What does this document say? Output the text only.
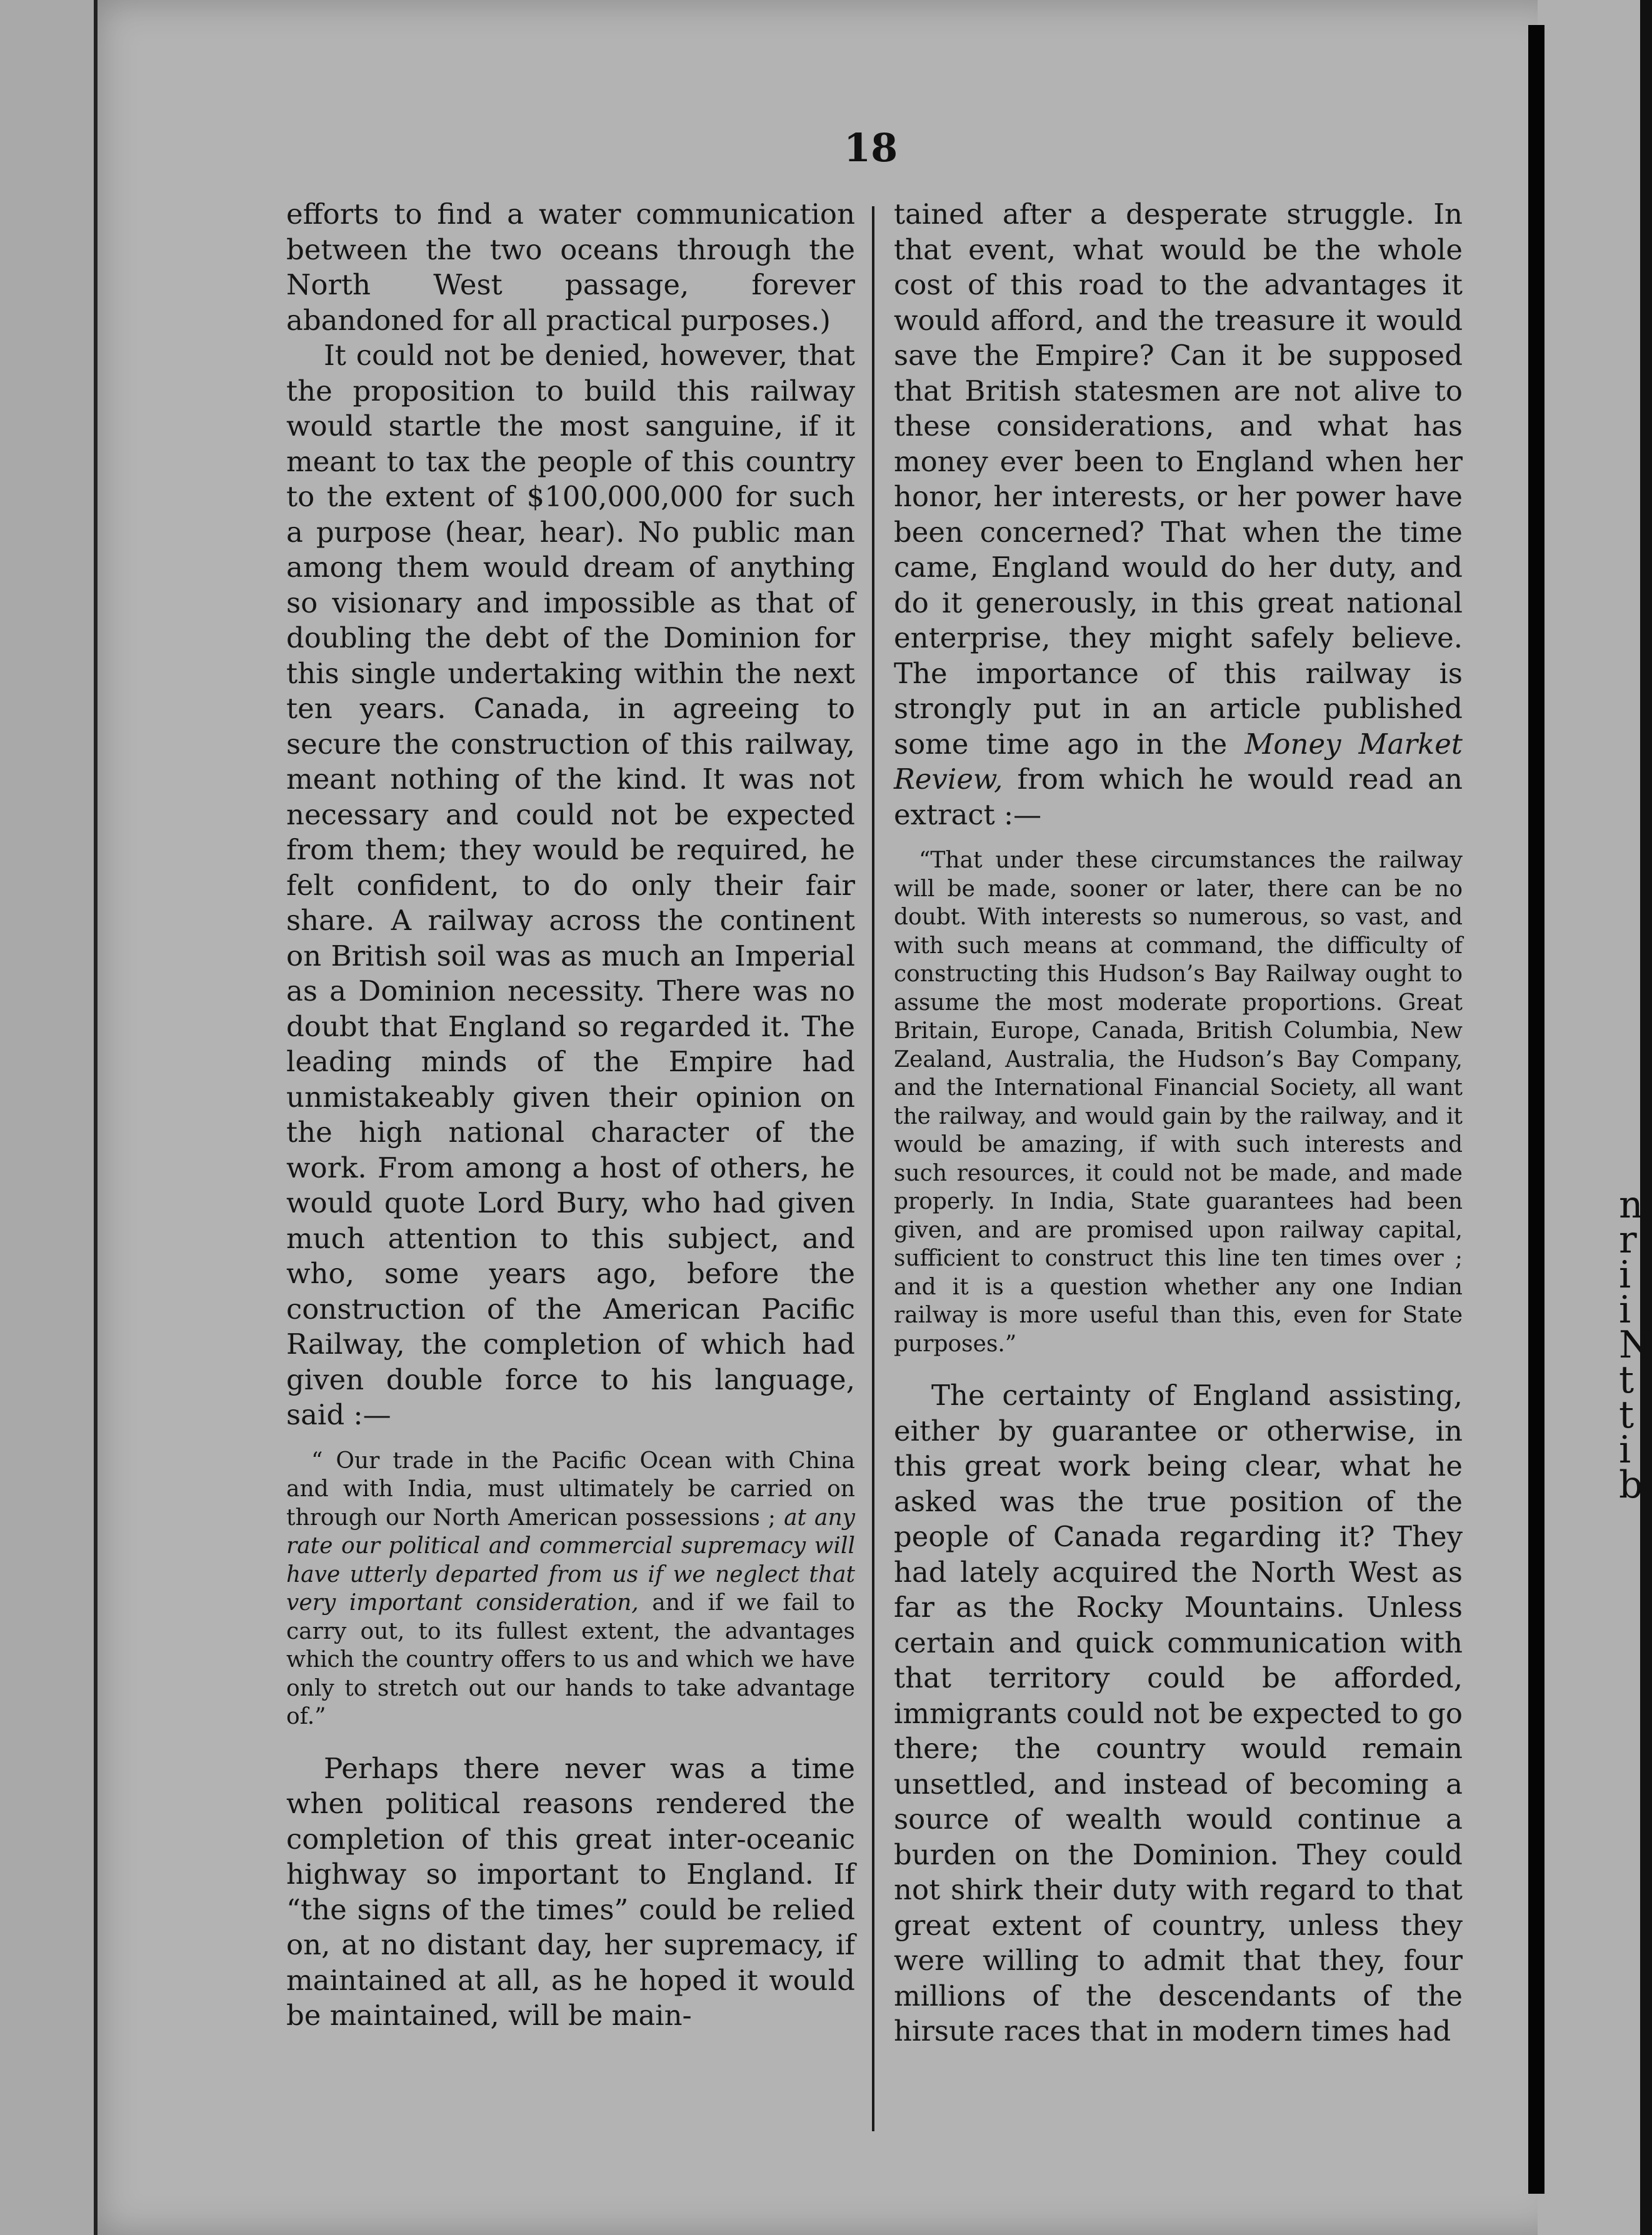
n
r
i
i
N
t
t
i
b
18

efforts to find a water communication between the two oceans through the North West passage, forever abandoned for all practical purposes.)

It could not be denied, however, that the proposition to build this railway would startle the most sanguine, if it meant to tax the people of this country to the extent of $100,000,000 for such a purpose (hear, hear). No public man among them would dream of anything so visionary and impossible as that of doubling the debt of the Dominion for this single undertaking within the next ten years. Canada, in agreeing to secure the construction of this railway, meant nothing of the kind. It was not necessary and could not be expected from them; they would be required, he felt confident, to do only their fair share. A railway across the continent on British soil was as much an Imperial as a Dominion necessity. There was no doubt that England so regarded it. The leading minds of the Empire had unmistakeably given their opinion on the high national character of the work. From among a host of others, he would quote Lord Bury, who had given much attention to this subject, and who, some years ago, before the construction of the American Pacific Railway, the completion of which had given double force to his language, said :—

“ Our trade in the Pacific Ocean with China and with India, must ultimately be carried on through our North American possessions ; at any rate our political and commercial supremacy will have utterly departed from us if we neglect that very important consideration, and if we fail to carry out, to its fullest extent, the advantages which the country offers to us and which we have only to stretch out our hands to take advantage of.”

Perhaps there never was a time when political reasons rendered the completion of this great inter-oceanic highway so important to England. If “the signs of the times” could be relied on, at no distant day, her supremacy, if maintained at all, as he hoped it would be maintained, will be main-

tained after a desperate struggle. In that event, what would be the whole cost of this road to the advantages it would afford, and the treasure it would save the Empire? Can it be supposed that British statesmen are not alive to these considerations, and what has money ever been to England when her honor, her interests, or her power have been concerned? That when the time came, England would do her duty, and do it generously, in this great national enterprise, they might safely believe. The importance of this railway is strongly put in an article published some time ago in the Money Market Review, from which he would read an extract :—

“That under these circumstances the railway will be made, sooner or later, there can be no doubt. With interests so numerous, so vast, and with such means at command, the difficulty of constructing this Hudson’s Bay Railway ought to assume the most moderate proportions. Great Britain, Europe, Canada, British Columbia, New Zealand, Australia, the Hudson’s Bay Company, and the International Financial Society, all want the railway, and would gain by the railway, and it would be amazing, if with such interests and such resources, it could not be made, and made properly. In India, State guarantees had been given, and are promised upon railway capital, sufficient to construct this line ten times over ; and it is a question whether any one Indian railway is more useful than this, even for State purposes.”

The certainty of England assisting, either by guarantee or otherwise, in this great work being clear, what he asked was the true position of the people of Canada regarding it? They had lately acquired the North West as far as the Rocky Mountains. Unless certain and quick communication with that territory could be afforded, immigrants could not be expected to go there; the country would remain unsettled, and instead of becoming a source of wealth would continue a burden on the Dominion. They could not shirk their duty with regard to that great extent of country, unless they were willing to admit that they, four millions of the descendants of the hirsute races that in modern times had
